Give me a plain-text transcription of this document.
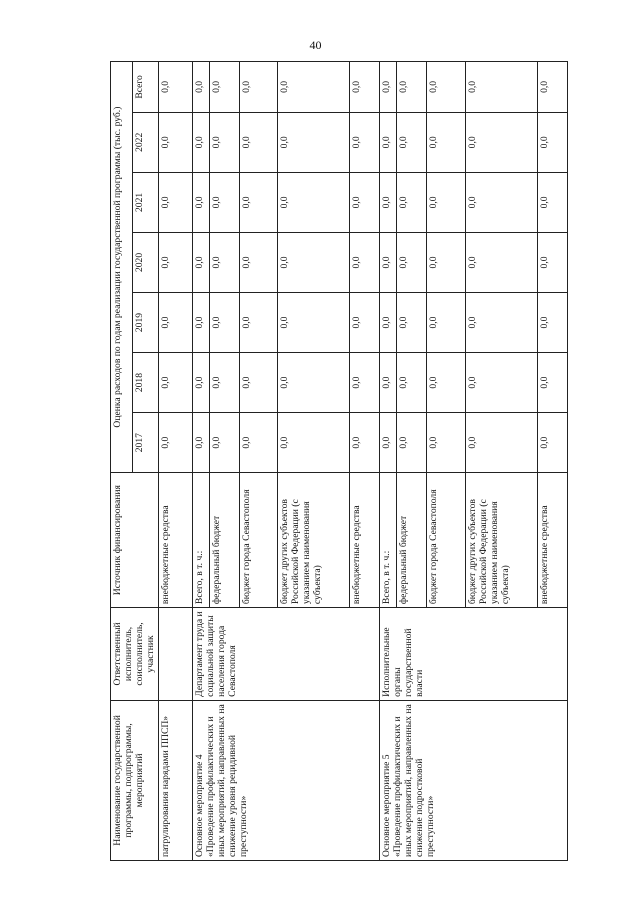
40
Наименование государственной программы, подпрограммы, мероприятий	Ответственный исполнитель, соисполнитель, участник	Источник финансирования	Оценка расходов по годам реализации государственной программы (тыс. руб.)						
			2017	2018	2019	2020	2021	2022	Всего
патрулирования нарядами ППСП»		внебюджетные средства	0,0	0,0	0,0	0,0	0,0	0,0	0,0
Основное мероприятие 4 «Проведение профилактических и иных мероприятий, направленных на снижение уровня рецидивной преступности»	Департамент труда и социальной защиты населения города Севастополя	Всего, в т. ч.:	0,0	0,0	0,0	0,0	0,0	0,0	0,0
		федеральный бюджет	0,0	0,0	0,0	0,0	0,0	0,0	0,0
		бюджет города Севастополя	0,0	0,0	0,0	0,0	0,0	0,0	0,0
		бюджет других субъектов Российской Федерации (с указанием наименования субъекта)	0,0	0,0	0,0	0,0	0,0	0,0	0,0
		внебюджетные средства	0,0	0,0	0,0	0,0	0,0	0,0	0,0
Основное мероприятие 5 «Проведение профилактических и иных мероприятий, направленных на снижение подростковой преступности»	Исполнительные органы государственной власти	Всего, в т. ч.:	0,0	0,0	0,0	0,0	0,0	0,0	0,0
		федеральный бюджет	0,0	0,0	0,0	0,0	0,0	0,0	0,0
		бюджет города Севастополя	0,0	0,0	0,0	0,0	0,0	0,0	0,0
		бюджет других субъектов Российской Федерации (с указанием наименования субъекта)	0,0	0,0	0,0	0,0	0,0	0,0	0,0
		внебюджетные средства	0,0	0,0	0,0	0,0	0,0	0,0	0,0
